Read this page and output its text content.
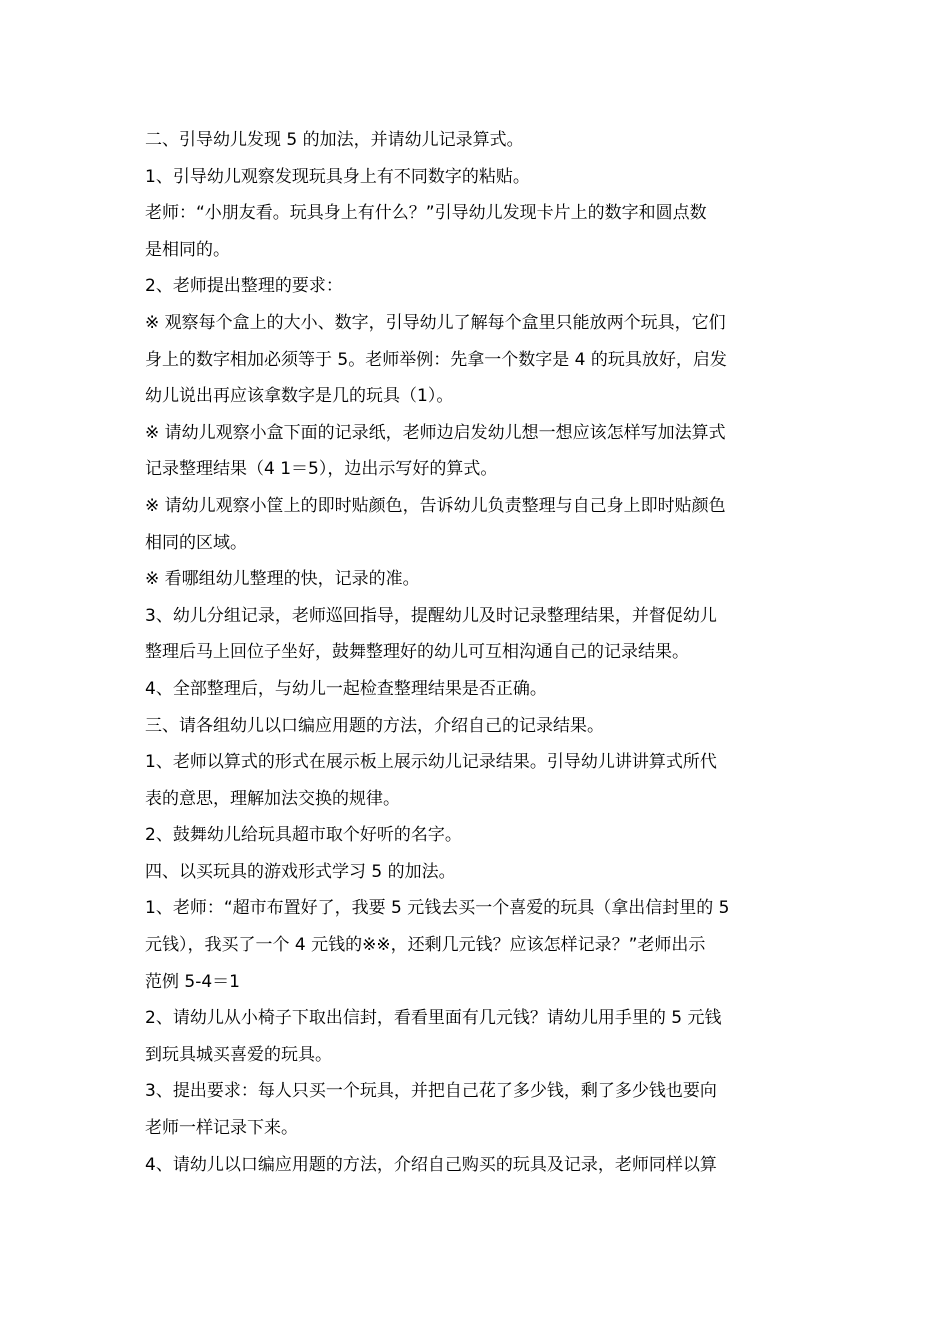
二、引导幼儿发现 5 的加法，并请幼儿记录算式。
1、引导幼儿观察发现玩具身上有不同数字的粘贴。
老师：“小朋友看。玩具身上有什么？”引导幼儿发现卡片上的数字和圆点数
是相同的。
2、老师提出整理的要求：
※ 观察每个盒上的大小、数字，引导幼儿了解每个盒里只能放两个玩具，它们
身上的数字相加必须等于 5。老师举例：先拿一个数字是 4 的玩具放好，启发
幼儿说出再应该拿数字是几的玩具（1）。
※ 请幼儿观察小盒下面的记录纸，老师边启发幼儿想一想应该怎样写加法算式
记录整理结果（4 1＝5），边出示写好的算式。
※ 请幼儿观察小筐上的即时贴颜色，告诉幼儿负责整理与自己身上即时贴颜色
相同的区域。
※ 看哪组幼儿整理的快，记录的准。
3、幼儿分组记录，老师巡回指导，提醒幼儿及时记录整理结果，并督促幼儿
整理后马上回位子坐好，鼓舞整理好的幼儿可互相沟通自己的记录结果。
4、全部整理后，与幼儿一起检查整理结果是否正确。
三、请各组幼儿以口编应用题的方法，介绍自己的记录结果。
1、老师以算式的形式在展示板上展示幼儿记录结果。引导幼儿讲讲算式所代
表的意思，理解加法交换的规律。
2、鼓舞幼儿给玩具超市取个好听的名字。
四、以买玩具的游戏形式学习 5 的加法。
1、老师：“超市布置好了，我要 5 元钱去买一个喜爱的玩具（拿出信封里的 5
元钱），我买了一个 4 元钱的※※，还剩几元钱？应该怎样记录？”老师出示
范例 5-4＝1
2、请幼儿从小椅子下取出信封，看看里面有几元钱？请幼儿用手里的 5 元钱
到玩具城买喜爱的玩具。
3、提出要求：每人只买一个玩具，并把自己花了多少钱，剩了多少钱也要向
老师一样记录下来。
4、请幼儿以口编应用题的方法，介绍自己购买的玩具及记录，老师同样以算
